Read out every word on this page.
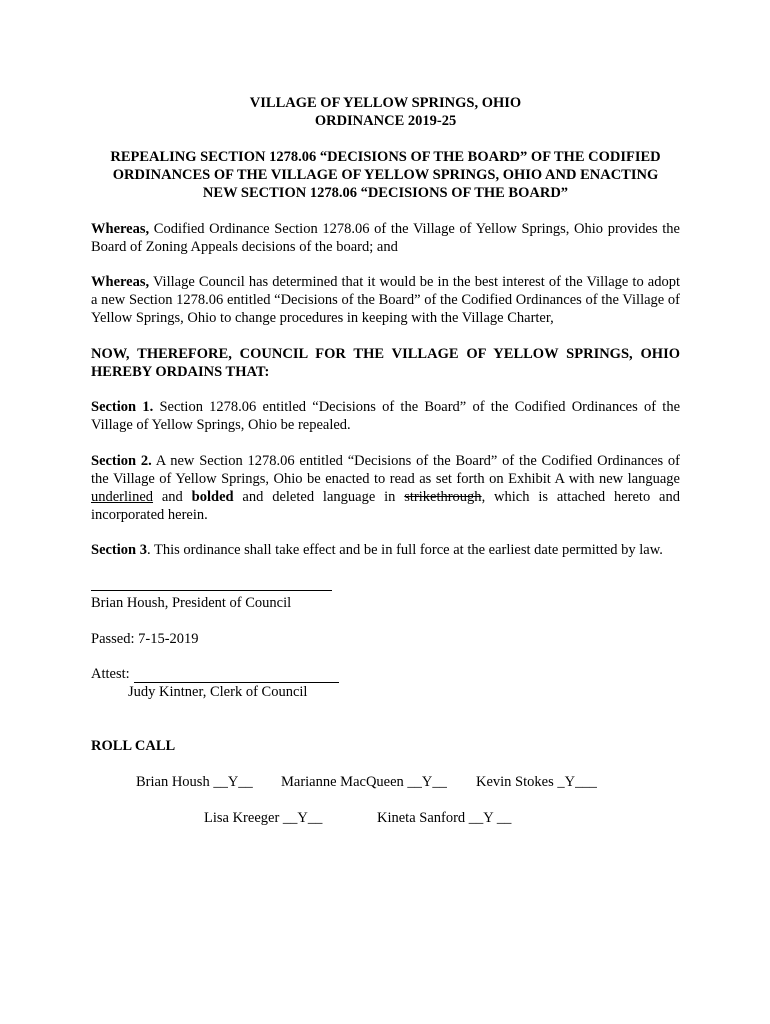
VILLAGE OF YELLOW SPRINGS, OHIO
ORDINANCE 2019-25
REPEALING SECTION 1278.06 “DECISIONS OF THE BOARD” OF THE CODIFIED
ORDINANCES OF THE VILLAGE OF YELLOW SPRINGS, OHIO AND ENACTING
NEW SECTION 1278.06 “DECISIONS OF THE BOARD”
Whereas, Codified Ordinance Section 1278.06 of the Village of Yellow Springs, Ohio provides the Board of Zoning Appeals decisions of the board; and
Whereas, Village Council has determined that it would be in the best interest of the Village to adopt a new Section 1278.06 entitled “Decisions of the Board” of the Codified Ordinances of the Village of Yellow Springs, Ohio to change procedures in keeping with the Village Charter,
NOW, THEREFORE, COUNCIL FOR THE VILLAGE OF YELLOW SPRINGS, OHIO HEREBY ORDAINS THAT:
Section 1. Section 1278.06 entitled “Decisions of the Board” of the Codified Ordinances of the Village of Yellow Springs, Ohio be repealed.
Section 2. A new Section 1278.06 entitled “Decisions of the Board” of the Codified Ordinances of the Village of Yellow Springs, Ohio be enacted to read as set forth on Exhibit A with new language underlined and bolded and deleted language in strikethrough, which is attached hereto and incorporated herein.
Section 3. This ordinance shall take effect and be in full force at the earliest date permitted by law.
Brian Housh, President of Council
Passed: 7-15-2019
Attest:
Judy Kintner, Clerk of Council
ROLL CALL
Brian Housh __Y__ Marianne MacQueen __Y__ Kevin Stokes _Y___
Lisa Kreeger __Y__	Kineta Sanford __Y __
